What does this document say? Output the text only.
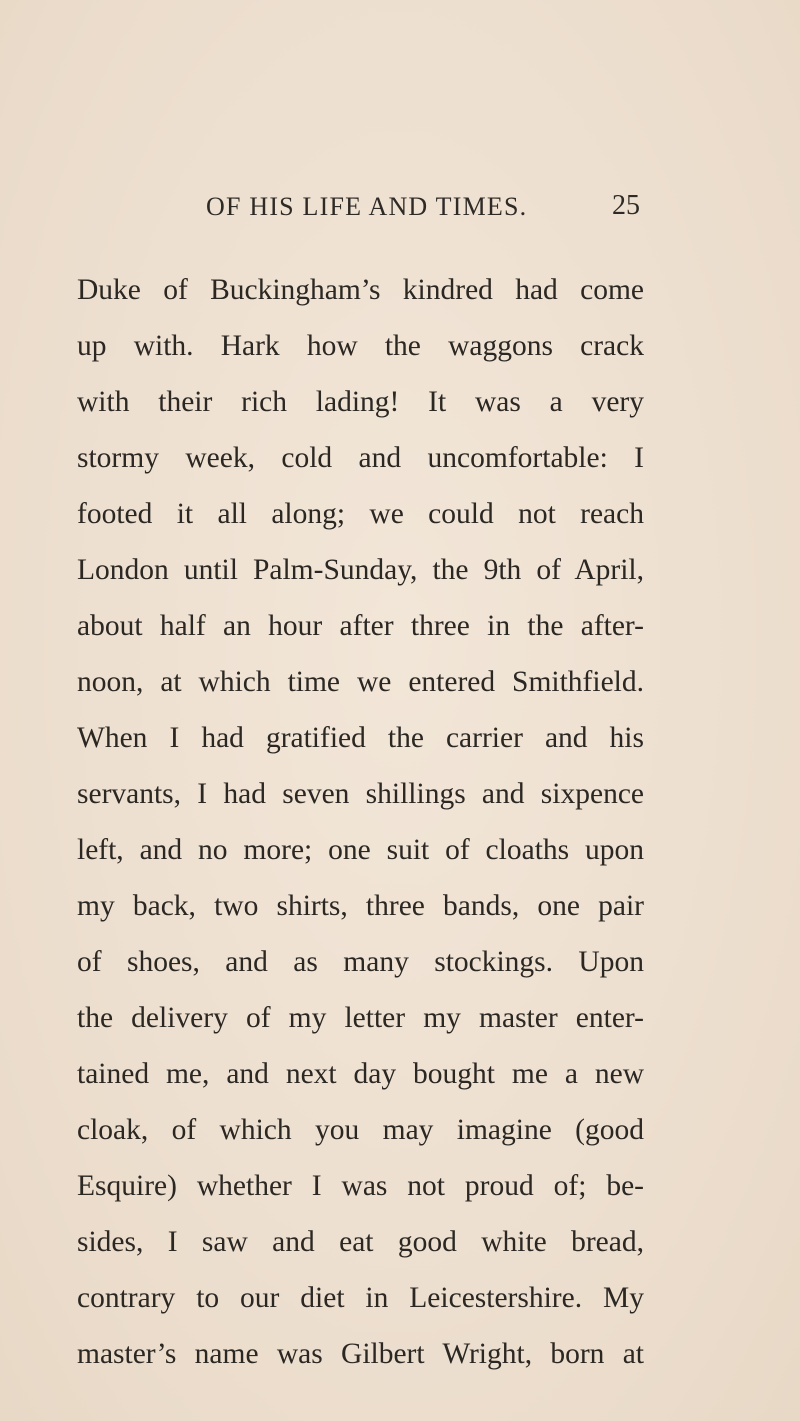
OF HIS LIFE AND TIMES.	25
Duke of Buckingham’s kindred had come
up with. Hark how the waggons crack
with their rich lading! It was a very
stormy week, cold and uncomfortable: I
footed it all along; we could not reach
London until Palm-Sunday, the 9th of April,
about half an hour after three in the after-
noon, at which time we entered Smithfield.
When I had gratified the carrier and his
servants, I had seven shillings and sixpence
left, and no more; one suit of cloaths upon
my back, two shirts, three bands, one pair
of shoes, and as many stockings. Upon
the delivery of my letter my master enter-
tained me, and next day bought me a new
cloak, of which you may imagine (good
Esquire) whether I was not proud of; be-
sides, I saw and eat good white bread,
contrary to our diet in Leicestershire. My
master’s name was Gilbert Wright, born at
